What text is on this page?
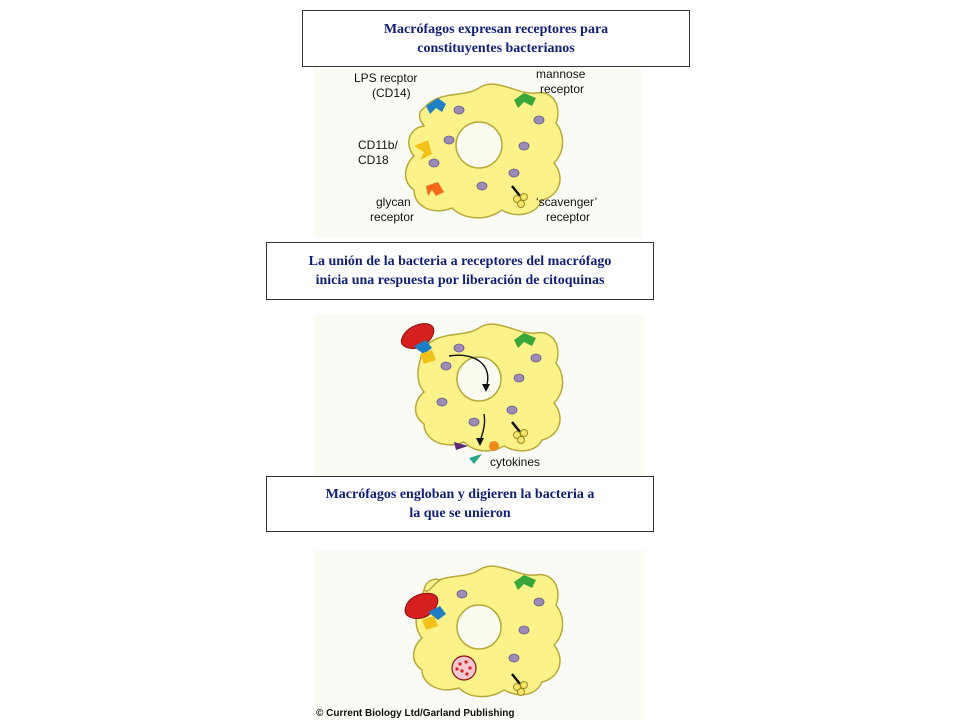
Macrófagos expresan receptores para
constituyentes bacterianos
LPS recptor
(CD14)
mannose
receptor
CD11b/
CD18
glycan
receptor
‘scavenger’
receptor
La unión de la bacteria a receptores del macrófago
inicia una respuesta por liberación de citoquinas
cytokines
Macrófagos engloban y digieren la bacteria a
la que se unieron
© Current Biology Ltd/Garland Publishing
